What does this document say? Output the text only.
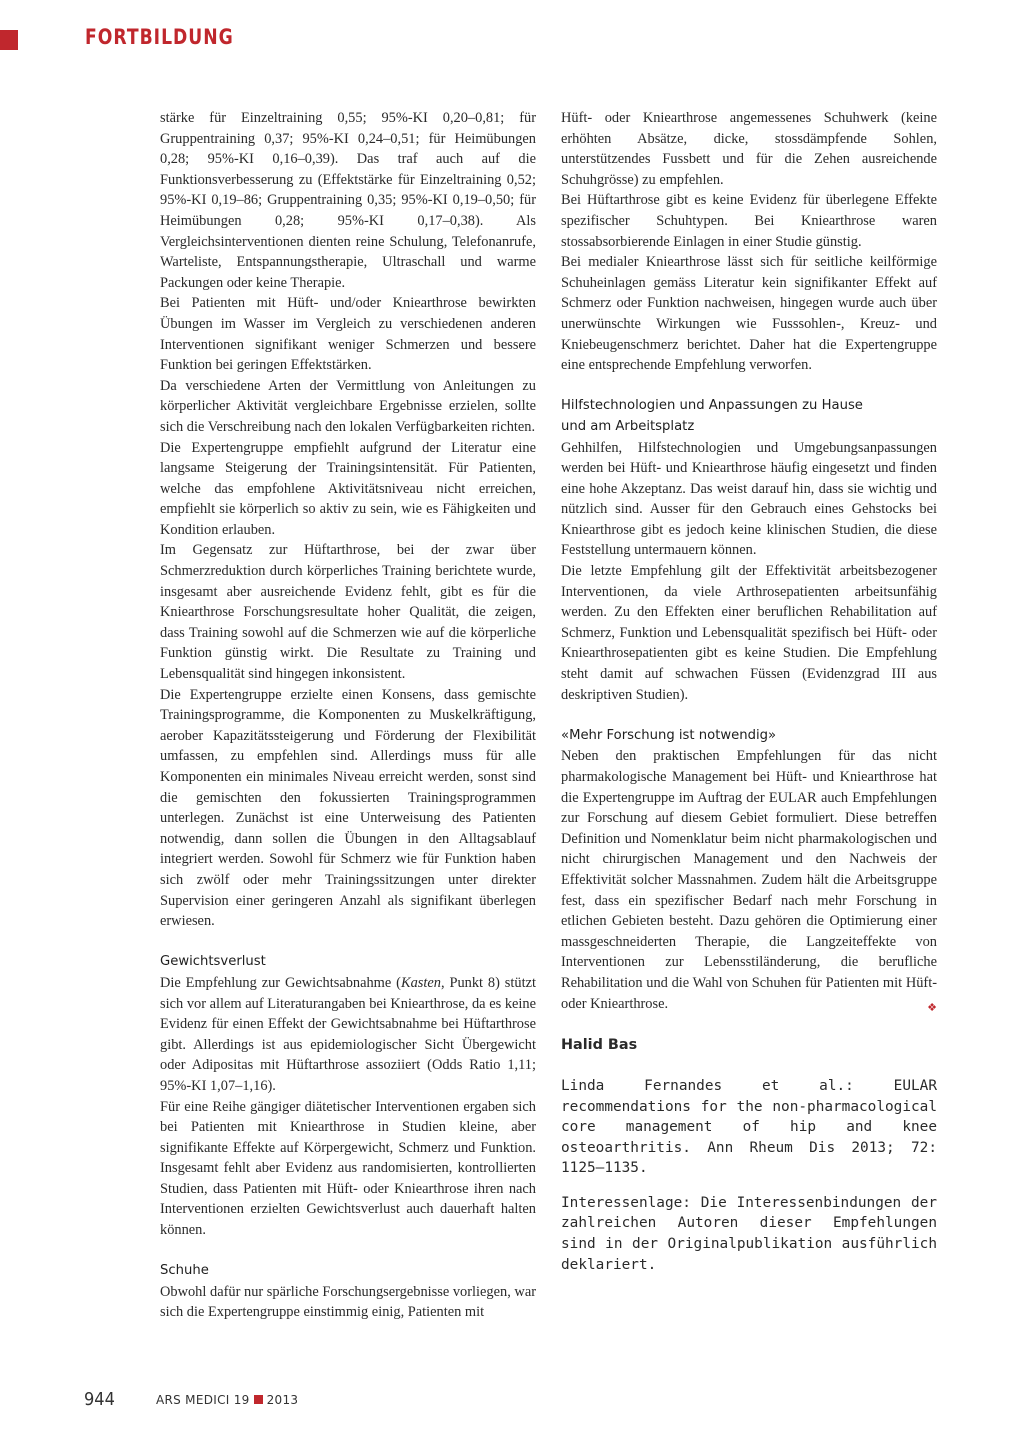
FORTBILDUNG

stärke für Einzeltraining 0,55; 95%-KI 0,20–0,81; für Gruppentraining 0,37; 95%-KI 0,24–0,51; für Heimübungen 0,28; 95%-KI 0,16–0,39). Das traf auch auf die Funktionsverbesserung zu (Effektstärke für Einzeltraining 0,52; 95%-KI 0,19–86; Gruppentraining 0,35; 95%-KI 0,19–0,50; für Heimübungen 0,28; 95%-KI 0,17–0,38). Als Vergleichsinterventionen dienten reine Schulung, Telefonanrufe, Warteliste, Entspannungstherapie, Ultraschall und warme Packungen oder keine Therapie.

Bei Patienten mit Hüft- und/oder Kniearthrose bewirkten Übungen im Wasser im Vergleich zu verschiedenen anderen Interventionen signifikant weniger Schmerzen und bessere Funktion bei geringen Effektstärken.

Da verschiedene Arten der Vermittlung von Anleitungen zu körperlicher Aktivität vergleichbare Ergebnisse erzielen, sollte sich die Verschreibung nach den lokalen Verfügbarkeiten richten.

Die Expertengruppe empfiehlt aufgrund der Literatur eine langsame Steigerung der Trainingsintensität. Für Patienten, welche das empfohlene Aktivitätsniveau nicht erreichen, empfiehlt sie körperlich so aktiv zu sein, wie es Fähigkeiten und Kondition erlauben.

Im Gegensatz zur Hüftarthrose, bei der zwar über Schmerzreduktion durch körperliches Training berichtete wurde, insgesamt aber ausreichende Evidenz fehlt, gibt es für die Kniearthrose Forschungsresultate hoher Qualität, die zeigen, dass Training sowohl auf die Schmerzen wie auf die körperliche Funktion günstig wirkt. Die Resultate zu Training und Lebensqualität sind hingegen inkonsistent.

Die Expertengruppe erzielte einen Konsens, dass gemischte Trainingsprogramme, die Komponenten zu Muskelkräftigung, aerober Kapazitätssteigerung und Förderung der Flexibilität umfassen, zu empfehlen sind. Allerdings muss für alle Komponenten ein minimales Niveau erreicht werden, sonst sind die gemischten den fokussierten Trainingsprogrammen unterlegen. Zunächst ist eine Unterweisung des Patienten notwendig, dann sollen die Übungen in den Alltagsablauf integriert werden. Sowohl für Schmerz wie für Funktion haben sich zwölf oder mehr Trainingssitzungen unter direkter Supervision einer geringeren Anzahl als signifikant überlegen erwiesen.

Gewichtsverlust

Die Empfehlung zur Gewichtsabnahme (Kasten, Punkt 8) stützt sich vor allem auf Literaturangaben bei Kniearthrose, da es keine Evidenz für einen Effekt der Gewichtsabnahme bei Hüftarthrose gibt. Allerdings ist aus epidemiologischer Sicht Übergewicht oder Adipositas mit Hüftarthrose assoziiert (Odds Ratio 1,11; 95%-KI 1,07–1,16).

Für eine Reihe gängiger diätetischer Interventionen ergaben sich bei Patienten mit Kniearthrose in Studien kleine, aber signifikante Effekte auf Körpergewicht, Schmerz und Funktion. Insgesamt fehlt aber Evidenz aus randomisierten, kontrollierten Studien, dass Patienten mit Hüft- oder Kniearthrose ihren nach Interventionen erzielten Gewichtsverlust auch dauerhaft halten können.

Schuhe

Obwohl dafür nur spärliche Forschungsergebnisse vorliegen, war sich die Expertengruppe einstimmig einig, Patienten mit

Hüft- oder Kniearthrose angemessenes Schuhwerk (keine erhöhten Absätze, dicke, stossdämpfende Sohlen, unterstützendes Fussbett und für die Zehen ausreichende Schuhgrösse) zu empfehlen.

Bei Hüftarthrose gibt es keine Evidenz für überlegene Effekte spezifischer Schuhtypen. Bei Kniearthrose waren stossabsorbierende Einlagen in einer Studie günstig.

Bei medialer Kniearthrose lässt sich für seitliche keilförmige Schuheinlagen gemäss Literatur kein signifikanter Effekt auf Schmerz oder Funktion nachweisen, hingegen wurde auch über unerwünschte Wirkungen wie Fusssohlen-, Kreuz- und Kniebeugenschmerz berichtet. Daher hat die Expertengruppe eine entsprechende Empfehlung verworfen.

Hilfstechnologien und Anpassungen zu Hause
und am Arbeitsplatz

Gehhilfen, Hilfstechnologien und Umgebungsanpassungen werden bei Hüft- und Kniearthrose häufig eingesetzt und finden eine hohe Akzeptanz. Das weist darauf hin, dass sie wichtig und nützlich sind. Ausser für den Gebrauch eines Gehstocks bei Kniearthrose gibt es jedoch keine klinischen Studien, die diese Feststellung untermauern können.

Die letzte Empfehlung gilt der Effektivität arbeitsbezogener Interventionen, da viele Arthrosepatienten arbeitsunfähig werden. Zu den Effekten einer beruflichen Rehabilitation auf Schmerz, Funktion und Lebensqualität spezifisch bei Hüft- oder Kniearthrosepatienten gibt es keine Studien. Die Empfehlung steht damit auf schwachen Füssen (Evidenzgrad III aus deskriptiven Studien).

«Mehr Forschung ist notwendig»

Neben den praktischen Empfehlungen für das nicht pharmakologische Management bei Hüft- und Kniearthrose hat die Expertengruppe im Auftrag der EULAR auch Empfehlungen zur Forschung auf diesem Gebiet formuliert. Diese betreffen Definition und Nomenklatur beim nicht pharmakologischen und nicht chirurgischen Management und den Nachweis der Effektivität solcher Massnahmen. Zudem hält die Arbeitsgruppe fest, dass ein spezifischer Bedarf nach mehr Forschung in etlichen Gebieten besteht. Dazu gehören die Optimierung einer massgeschneiderten Therapie, die Langzeiteffekte von Interventionen zur Lebensstiländerung, die berufliche Rehabilitation und die Wahl von Schuhen für Patienten mit Hüft- oder Kniearthrose.	❖

Halid Bas

Linda Fernandes et al.: EULAR recommendations for the non-pharmacological core management of hip and knee osteoarthritis. Ann Rheum Dis 2013; 72: 1125–1135.

Interessenlage: Die Interessenbindungen der zahlreichen Autoren dieser Empfehlungen sind in der Originalpublikation ausführlich deklariert.

944	ARS MEDICI 19 2013
